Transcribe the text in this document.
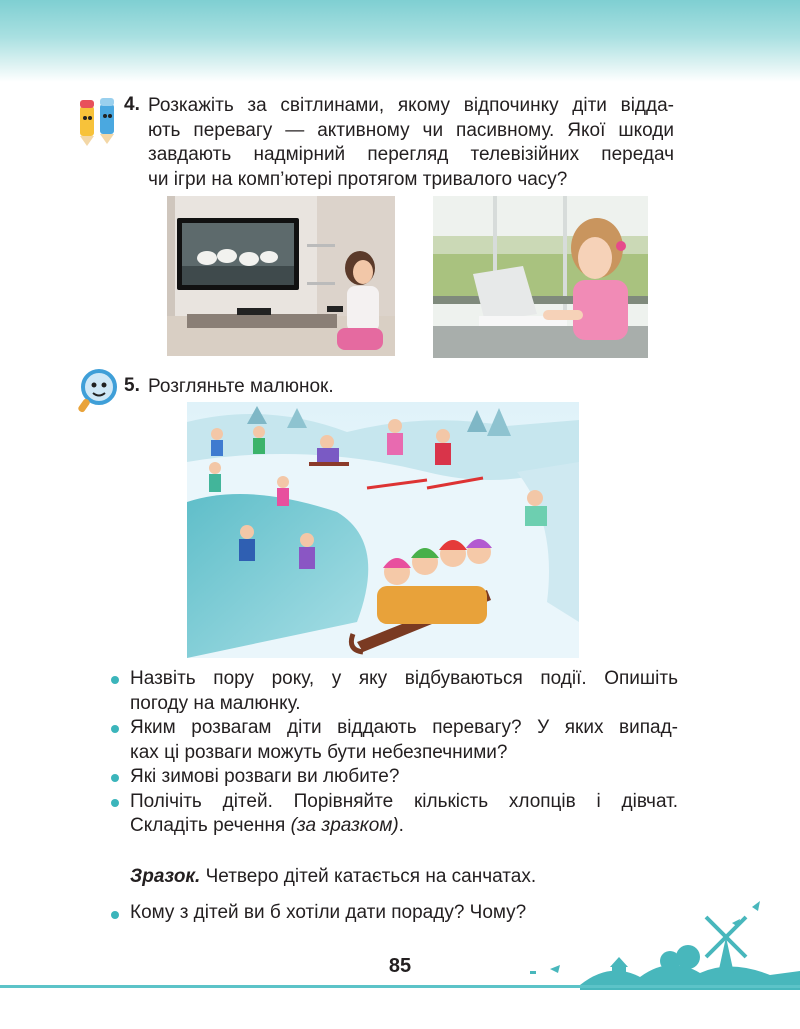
4. Розкажіть за світлинами, якому відпочинку діти відда-
ють перевагу — активному чи пасивному. Якої шкоди
завдають надмірний перегляд телевізійних передач
чи ігри на комп’ютері протягом тривалого часу?
5. Розгляньте малюнок.
Назвіть пору року, у яку відбуваються події. Опишіть
погоду на малюнку.
Яким розвагам діти віддають перевагу? У яких випад-
ках ці розваги можуть бути небезпечними?
Які зимові розваги ви любите?
Полічіть дітей. Порівняйте кількість хлопців і дівчат.
Складіть речення (за зразком).
Зразок. Четверо дітей катається на санчатах.
Кому з дітей ви б хотіли дати пораду? Чому?
85
